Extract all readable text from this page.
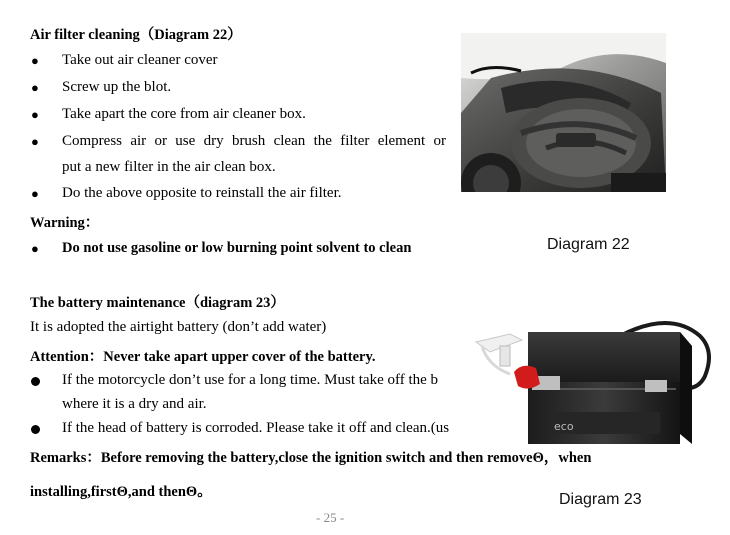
Air filter cleaning（Diagram 22）
● Take out air cleaner cover
● Screw up the blot.
● Take apart the core from air cleaner box.
● Compress air or use dry brush clean the filter element or
put a new filter in the air clean box.
● Do the above opposite to reinstall the air filter.
Warning：
● Do not use gasoline or low burning point solvent to clean	Diagram 22
The battery maintenance（diagram 23）
It is adopted the airtight battery (don’t add water)
Attention：Never take apart upper cover of the battery.
If the motorcycle don’t use for a long time. Must take off the b
where it is a dry and air.
If the head of battery is corroded. Please take it off and clean.(us
Remarks：Before removing the battery,close the ignition switch and then removeΘ，when
installing,firstΘ,and thenΘ。
eco
Diagram 23
- 25 -
